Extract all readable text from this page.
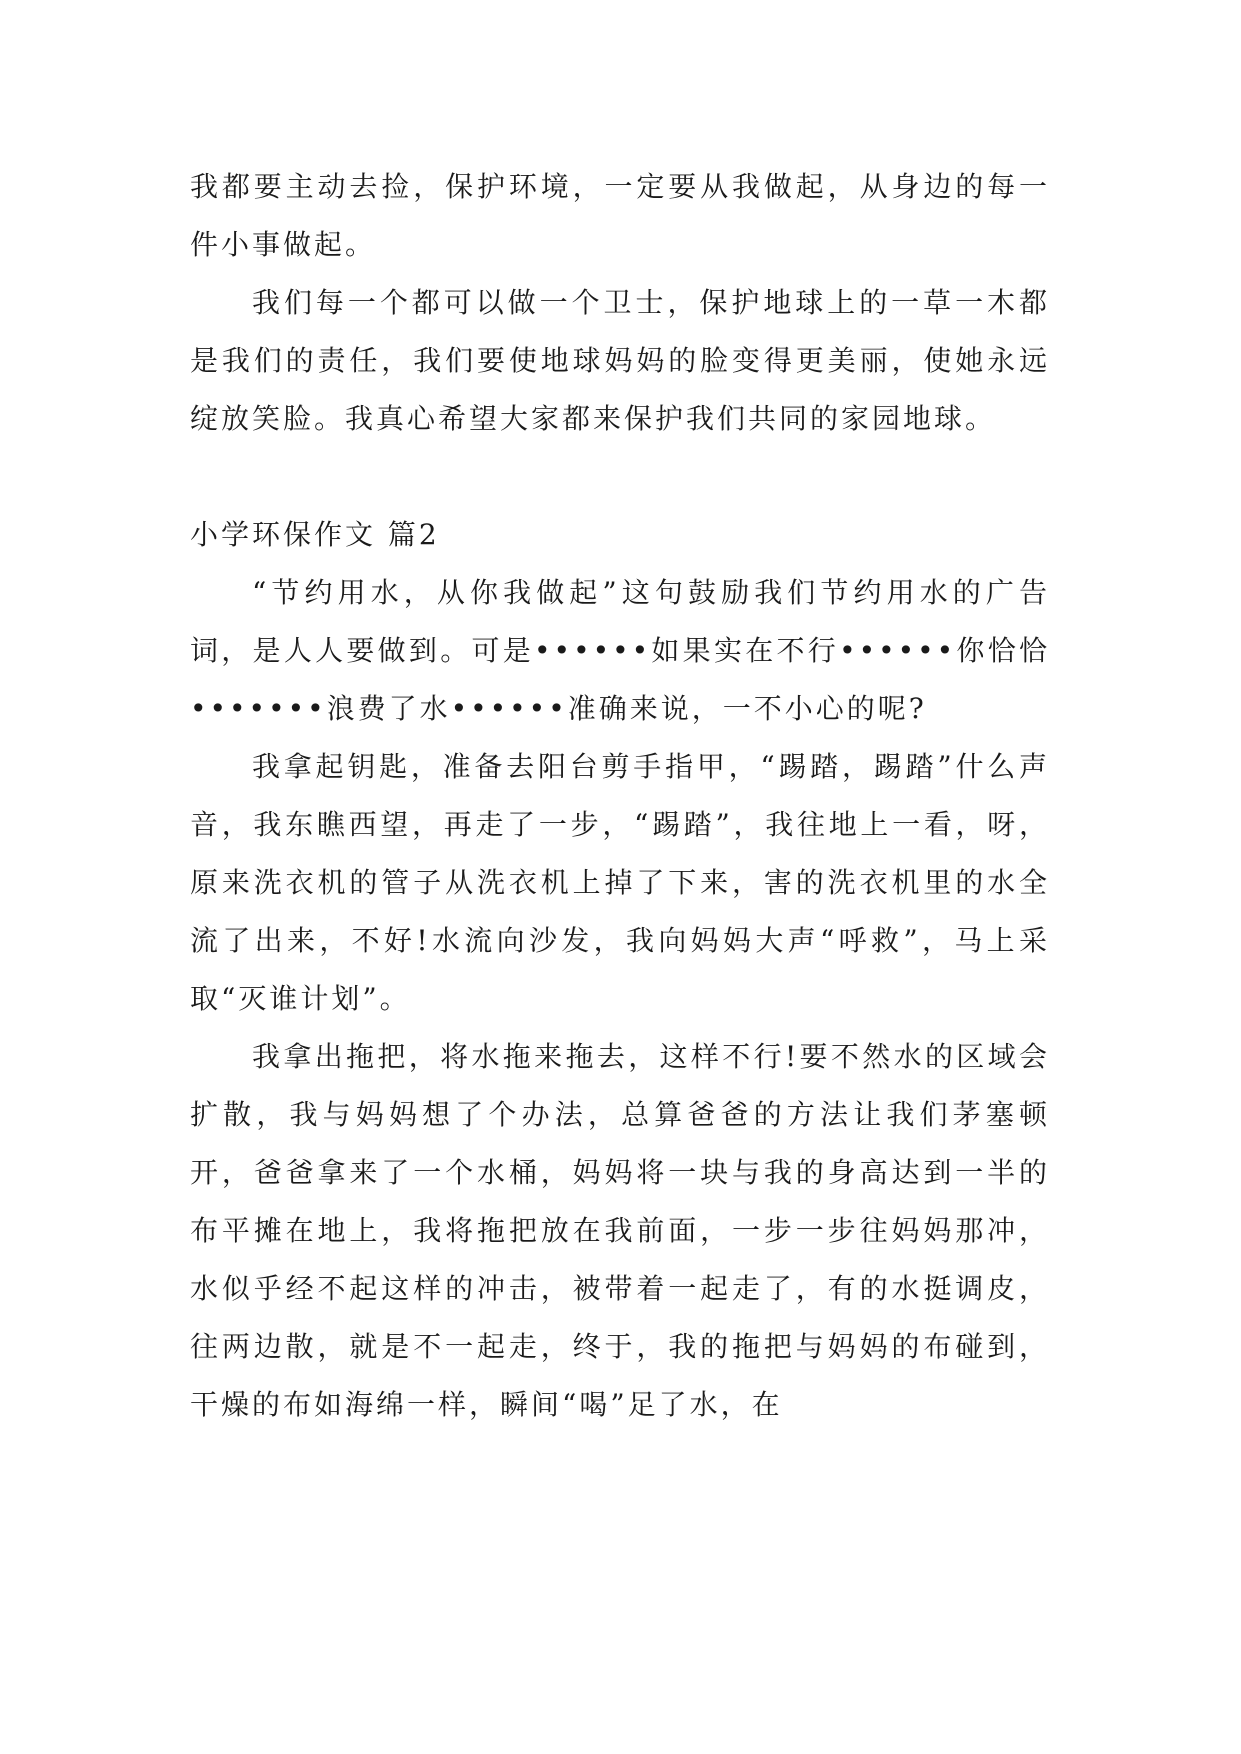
我都要主动去捡，保护环境，一定要从我做起，从身边的每一件小事做起。

我们每一个都可以做一个卫士，保护地球上的一草一木都是我们的责任，我们要使地球妈妈的脸变得更美丽，使她永远绽放笑脸。我真心希望大家都来保护我们共同的家园地球。

小学环保作文 篇2

“节约用水，从你我做起”这句鼓励我们节约用水的广告词，是人人要做到。可是••••••如果实在不行••••••你恰恰•••••••浪费了水••••••准确来说，一不小心的呢?

我拿起钥匙，准备去阳台剪手指甲，“踢踏，踢踏”什么声音，我东瞧西望，再走了一步，“踢踏”，我往地上一看，呀，原来洗衣机的管子从洗衣机上掉了下来，害的洗衣机里的水全流了出来，不好!水流向沙发，我向妈妈大声“呼救”，马上采取“灭谁计划”。

我拿出拖把，将水拖来拖去，这样不行!要不然水的区域会扩散，我与妈妈想了个办法，总算爸爸的方法让我们茅塞顿开，爸爸拿来了一个水桶，妈妈将一块与我的身高达到一半的布平摊在地上，我将拖把放在我前面，一步一步往妈妈那冲，水似乎经不起这样的冲击，被带着一起走了，有的水挺调皮，往两边散，就是不一起走，终于，我的拖把与妈妈的布碰到，干燥的布如海绵一样，瞬间“喝”足了水，在
